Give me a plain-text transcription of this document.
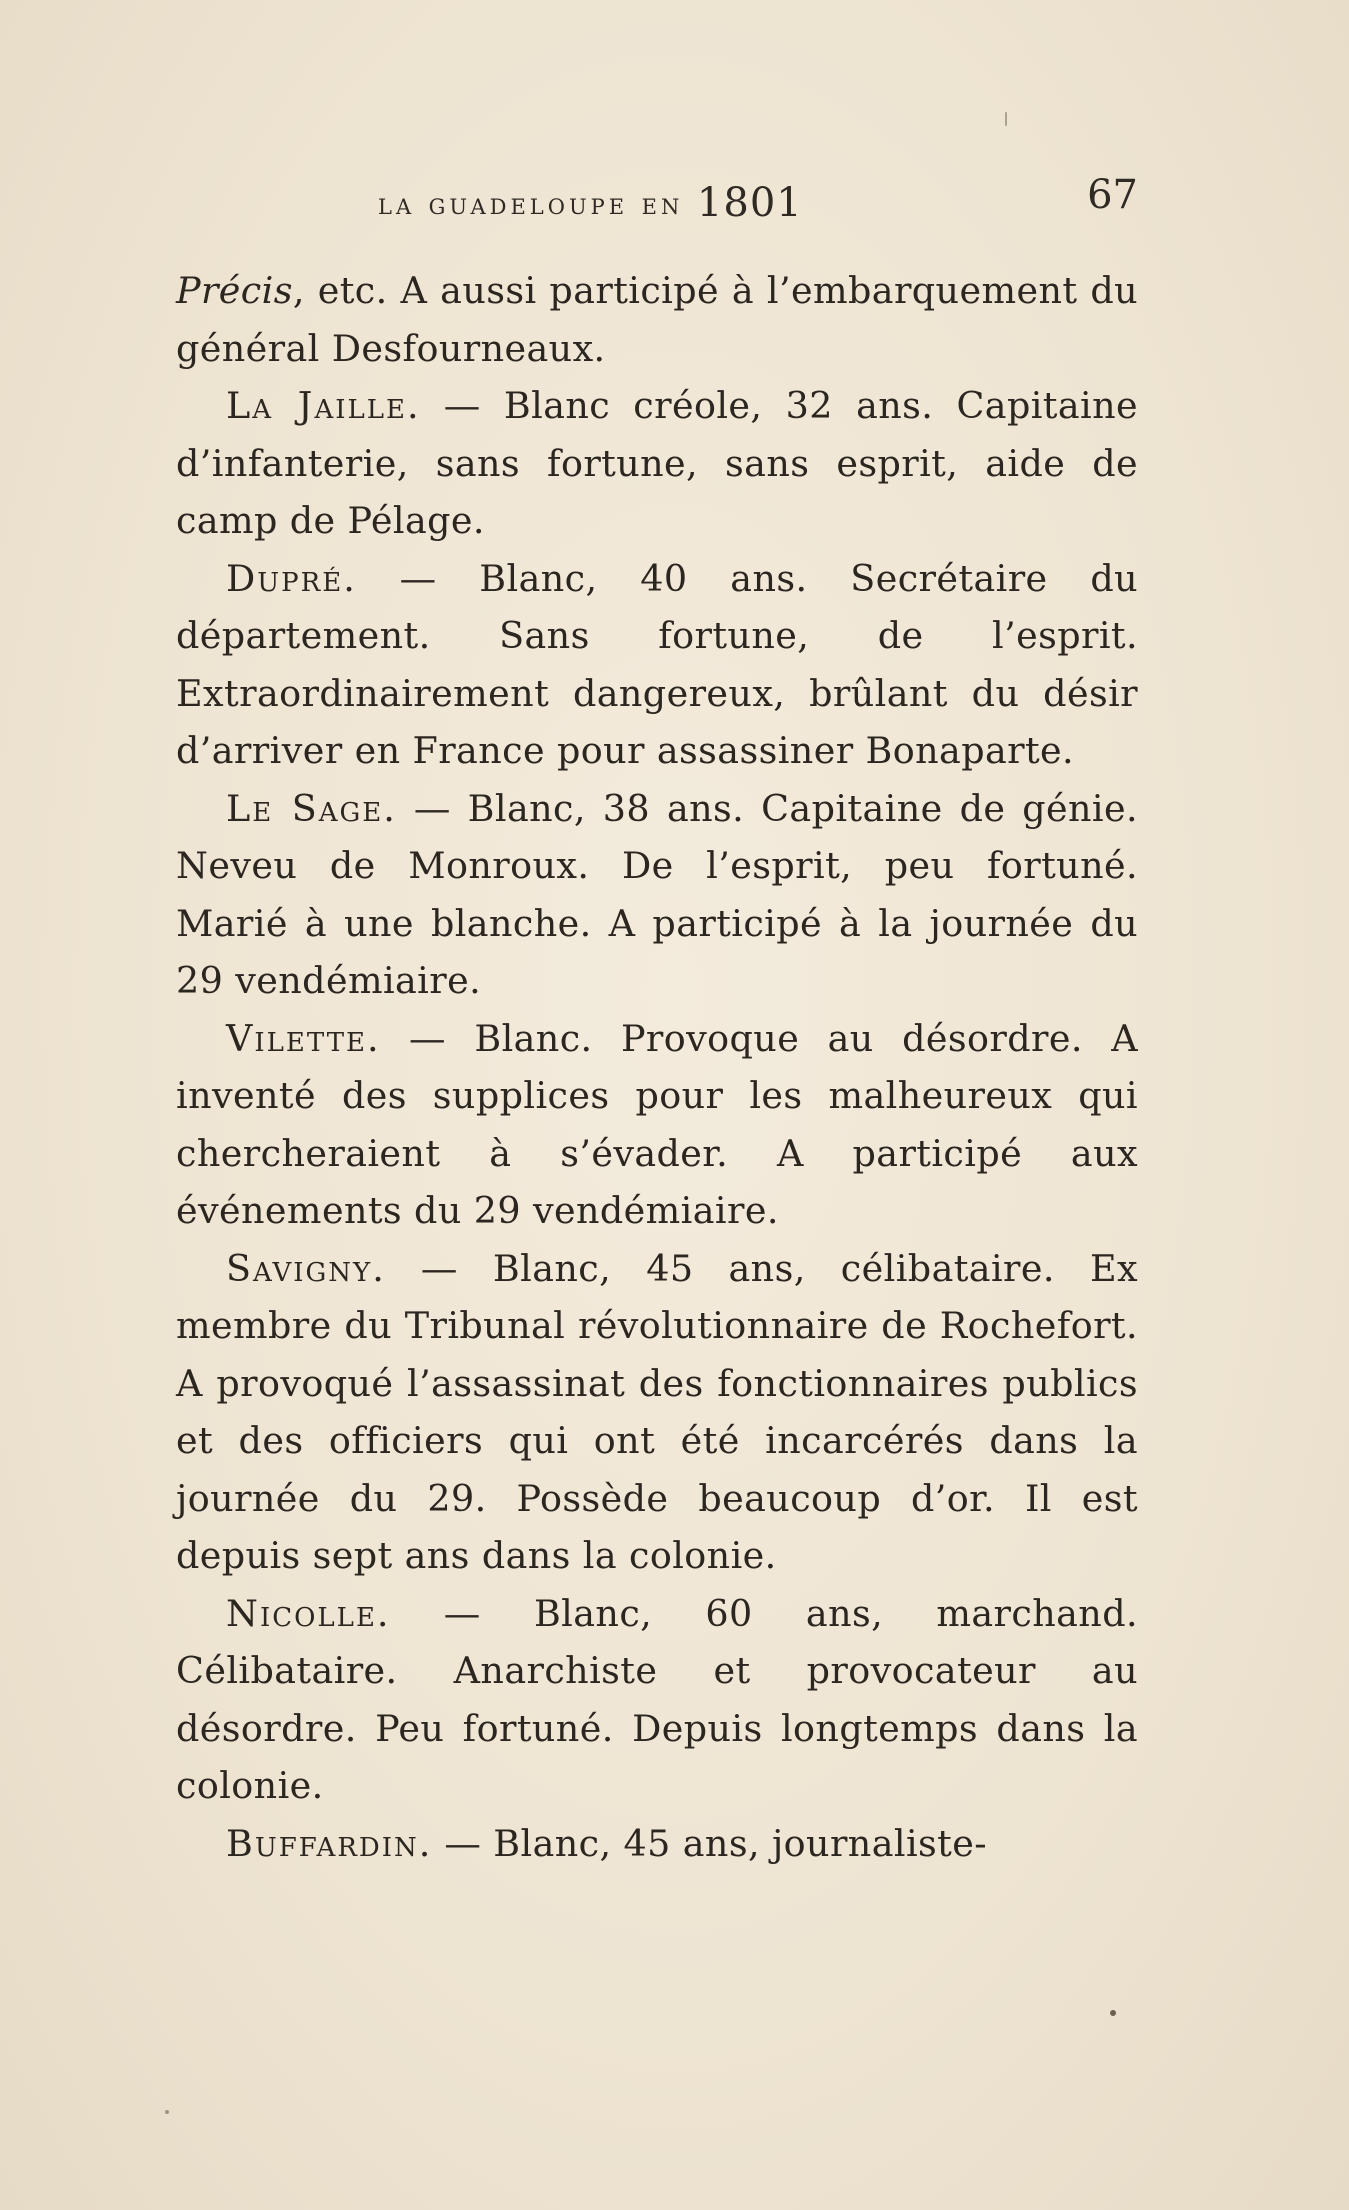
la guadeloupe en 1801	67

Précis, etc. A aussi participé à l’embarquement du général Desfourneaux.

La Jaille. — Blanc créole, 32 ans. Capitaine d’infanterie, sans fortune, sans esprit, aide de camp de Pélage.

Dupré. — Blanc, 40 ans. Secrétaire du département. Sans fortune, de l’esprit. Extraordinairement dangereux, brûlant du désir d’arriver en France pour assassiner Bonaparte.

Le Sage. — Blanc, 38 ans. Capitaine de génie. Neveu de Monroux. De l’esprit, peu fortuné. Marié à une blanche. A participé à la journée du 29 vendémiaire.

Vilette. — Blanc. Provoque au désordre. A inventé des supplices pour les malheureux qui chercheraient à s’évader. A participé aux événements du 29 vendémiaire.

Savigny. — Blanc, 45 ans, célibataire. Ex membre du Tribunal révolutionnaire de Rochefort. A provoqué l’assassinat des fonctionnaires publics et des officiers qui ont été incarcérés dans la journée du 29. Possède beaucoup d’or. Il est depuis sept ans dans la colonie.

Nicolle. — Blanc, 60 ans, marchand. Célibataire. Anarchiste et provocateur au désordre. Peu fortuné. Depuis longtemps dans la colonie.

Buffardin. — Blanc, 45 ans, journaliste-
